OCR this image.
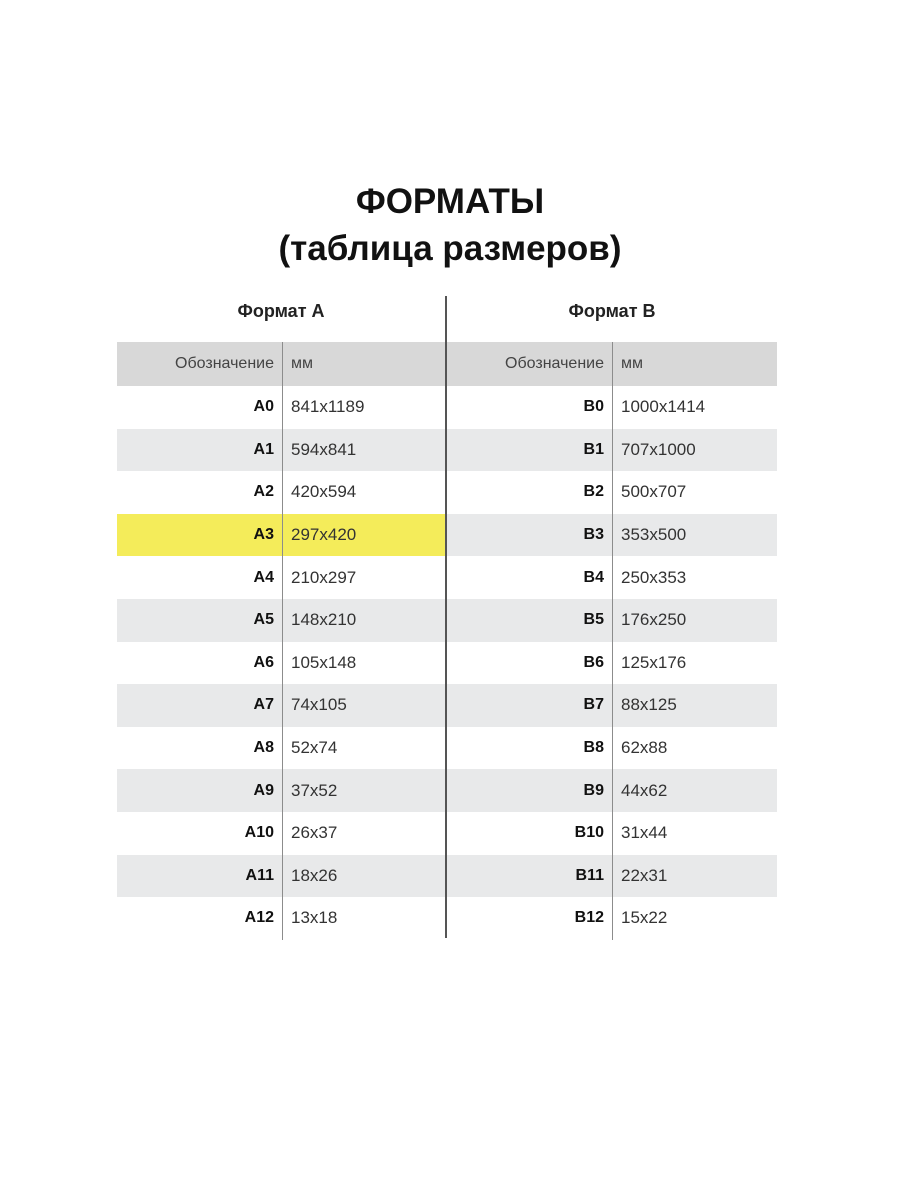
ФОРМАТЫ
(таблица размеров)
Формат А
Обозначение	мм
A0	841x1189
A1	594x841
A2	420x594
A3	297x420
A4	210x297
A5	148x210
A6	105x148
A7	74x105
A8	52x74
A9	37x52
A10	26x37
A11	18x26
A12	13x18
Формат В
Обозначение	мм
B0	1000x1414
B1	707x1000
B2	500x707
B3	353x500
B4	250x353
B5	176x250
B6	125x176
B7	88x125
B8	62x88
B9	44x62
B10	31x44
B11	22x31
B12	15x22
